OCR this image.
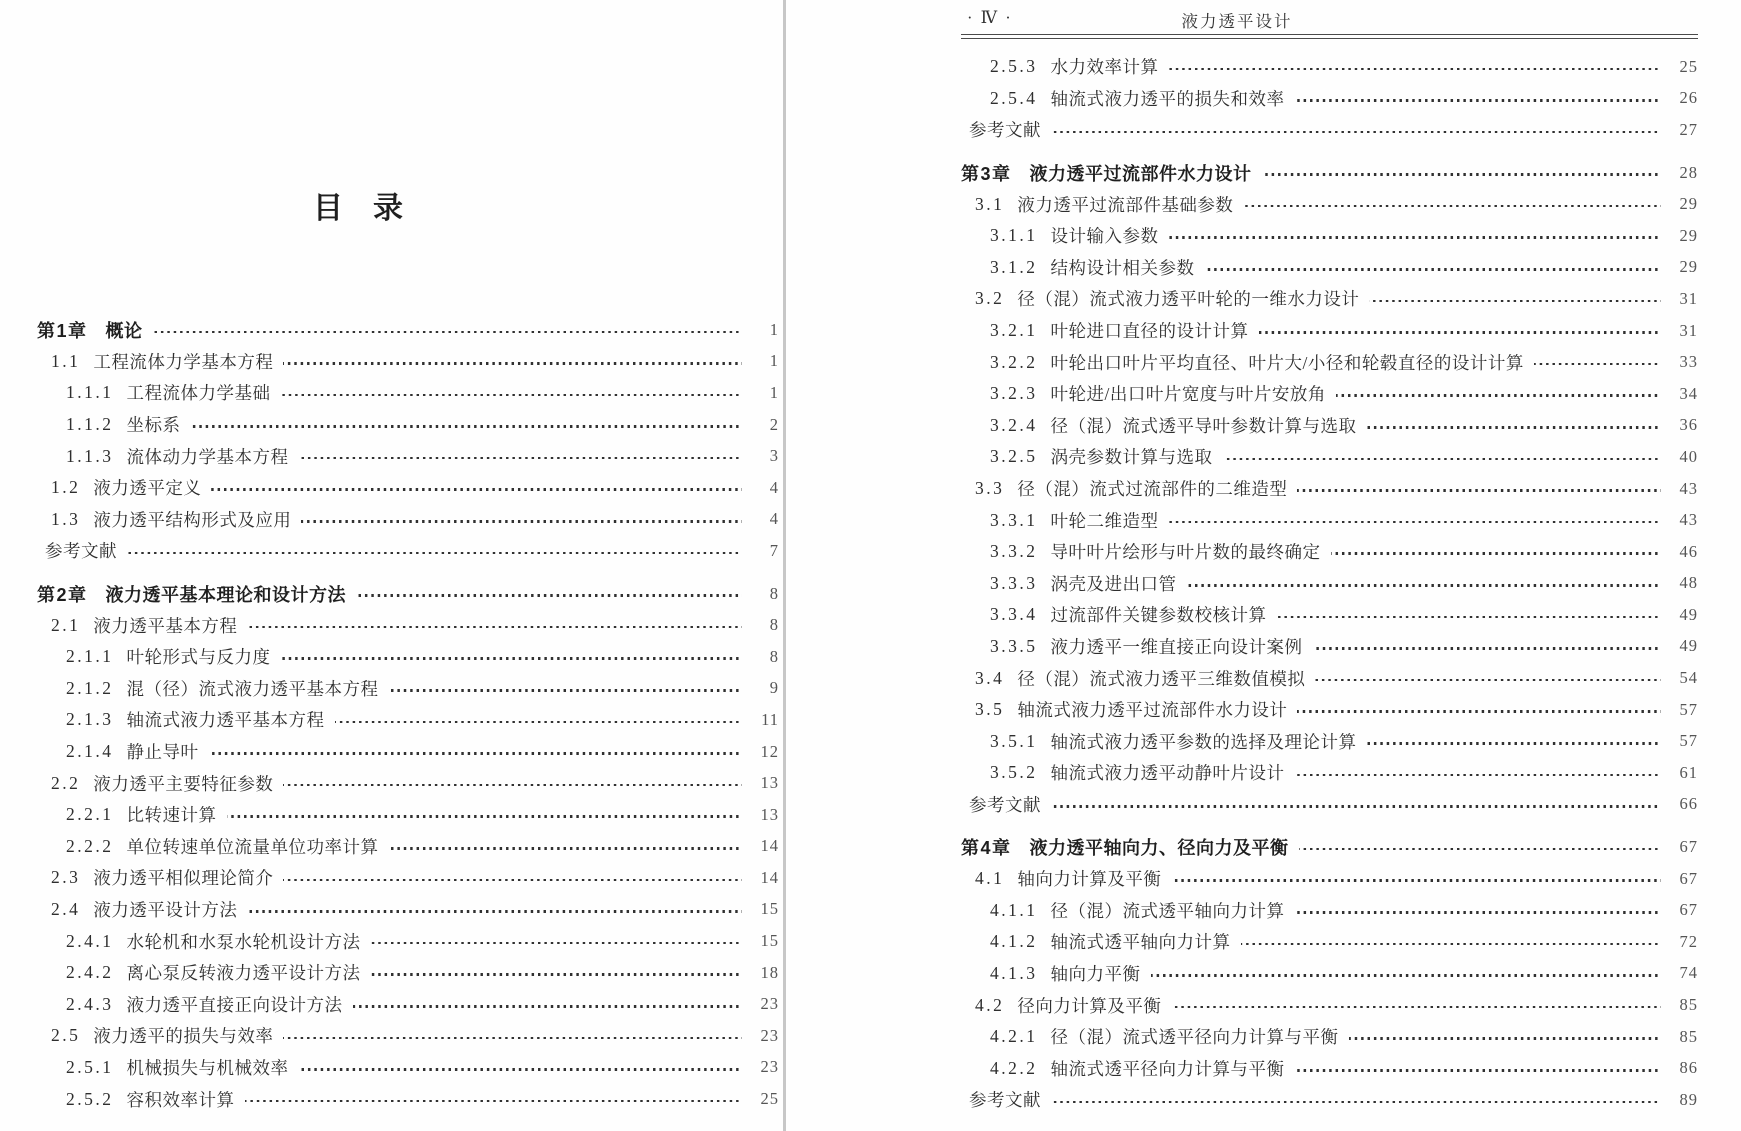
目　录
第1章 概论	1
1.1 工程流体力学基本方程	1
1.1.1 工程流体力学基础	1
1.1.2 坐标系	2
1.1.3 流体动力学基本方程	3
1.2 液力透平定义	4
1.3 液力透平结构形式及应用	4
参考文献	7
第2章 液力透平基本理论和设计方法	8
2.1 液力透平基本方程	8
2.1.1 叶轮形式与反力度	8
2.1.2 混（径）流式液力透平基本方程	9
2.1.3 轴流式液力透平基本方程	11
2.1.4 静止导叶	12
2.2 液力透平主要特征参数	13
2.2.1 比转速计算	13
2.2.2 单位转速单位流量单位功率计算	14
2.3 液力透平相似理论简介	14
2.4 液力透平设计方法	15
2.4.1 水轮机和水泵水轮机设计方法	15
2.4.2 离心泵反转液力透平设计方法	18
2.4.3 液力透平直接正向设计方法	23
2.5 液力透平的损失与效率	23
2.5.1 机械损失与机械效率	23
2.5.2 容积效率计算	25
· Ⅳ ·	液力透平设计
2.5.3 水力效率计算	25
2.5.4 轴流式液力透平的损失和效率	26
参考文献	27
第3章 液力透平过流部件水力设计	28
3.1 液力透平过流部件基础参数	29
3.1.1 设计输入参数	29
3.1.2 结构设计相关参数	29
3.2 径（混）流式液力透平叶轮的一维水力设计	31
3.2.1 叶轮进口直径的设计计算	31
3.2.2 叶轮出口叶片平均直径、叶片大/小径和轮毂直径的设计计算	33
3.2.3 叶轮进/出口叶片宽度与叶片安放角	34
3.2.4 径（混）流式透平导叶参数计算与选取	36
3.2.5 涡壳参数计算与选取	40
3.3 径（混）流式过流部件的二维造型	43
3.3.1 叶轮二维造型	43
3.3.2 导叶叶片绘形与叶片数的最终确定	46
3.3.3 涡壳及进出口管	48
3.3.4 过流部件关键参数校核计算	49
3.3.5 液力透平一维直接正向设计案例	49
3.4 径（混）流式液力透平三维数值模拟	54
3.5 轴流式液力透平过流部件水力设计	57
3.5.1 轴流式液力透平参数的选择及理论计算	57
3.5.2 轴流式液力透平动静叶片设计	61
参考文献	66
第4章 液力透平轴向力、径向力及平衡	67
4.1 轴向力计算及平衡	67
4.1.1 径（混）流式透平轴向力计算	67
4.1.2 轴流式透平轴向力计算	72
4.1.3 轴向力平衡	74
4.2 径向力计算及平衡	85
4.2.1 径（混）流式透平径向力计算与平衡	85
4.2.2 轴流式透平径向力计算与平衡	86
参考文献	89
